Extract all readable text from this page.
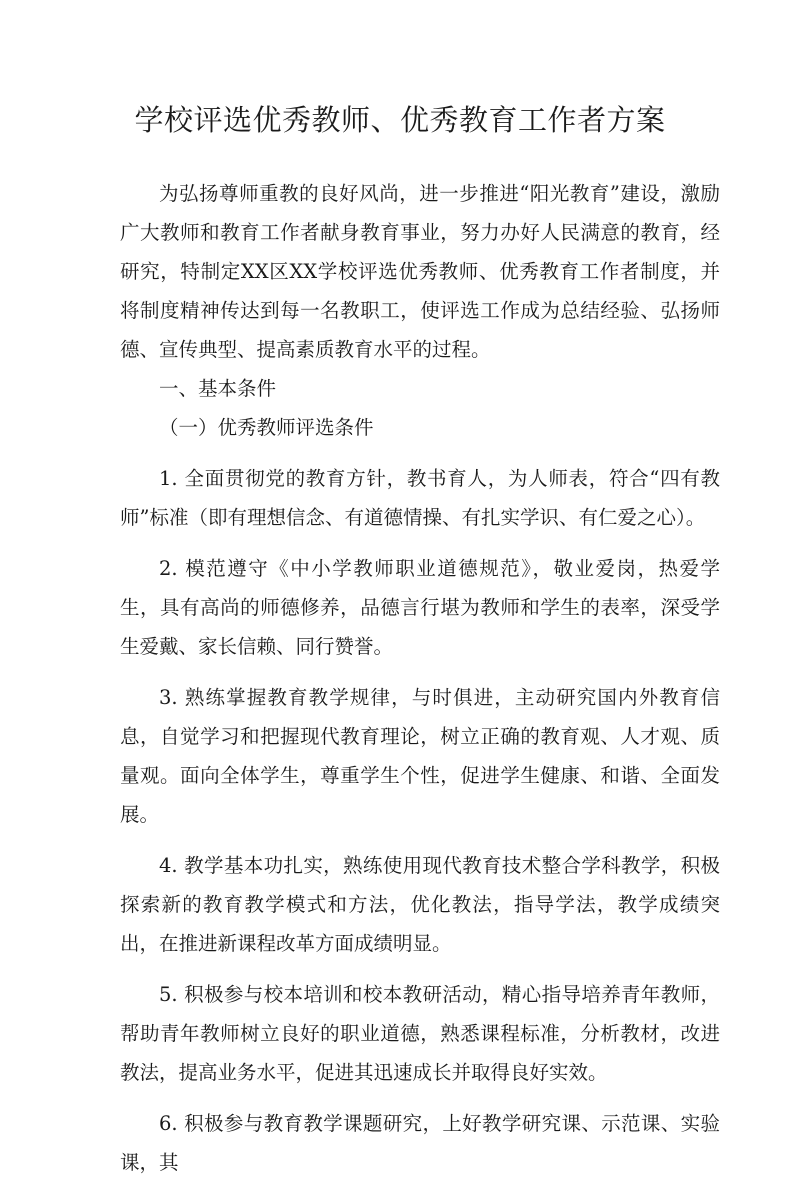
学校评选优秀教师、优秀教育工作者方案

为弘扬尊师重教的良好风尚，进一步推进“阳光教育”建设，激励广大教师和教育工作者献身教育事业，努力办好人民满意的教育，经研究，特制定XX区XX学校评选优秀教师、优秀教育工作者制度，并将制度精神传达到每一名教职工，使评选工作成为总结经验、弘扬师德、宣传典型、提高素质教育水平的过程。

一、基本条件

（一）优秀教师评选条件

1. 全面贯彻党的教育方针，教书育人，为人师表，符合“四有教师”标准（即有理想信念、有道德情操、有扎实学识、有仁爱之心）。

2. 模范遵守《中小学教师职业道德规范》，敬业爱岗，热爱学生，具有高尚的师德修养，品德言行堪为教师和学生的表率，深受学生爱戴、家长信赖、同行赞誉。

3. 熟练掌握教育教学规律，与时俱进，主动研究国内外教育信息，自觉学习和把握现代教育理论，树立正确的教育观、人才观、质量观。面向全体学生，尊重学生个性，促进学生健康、和谐、全面发展。

4. 教学基本功扎实，熟练使用现代教育技术整合学科教学，积极探索新的教育教学模式和方法，优化教法，指导学法，教学成绩突出，在推进新课程改革方面成绩明显。

5. 积极参与校本培训和校本教研活动，精心指导培养青年教师，帮助青年教师树立良好的职业道德，熟悉课程标准，分析教材，改进教法，提高业务水平，促进其迅速成长并取得良好实效。

6. 积极参与教育教学课题研究，上好教学研究课、示范课、实验课，其
